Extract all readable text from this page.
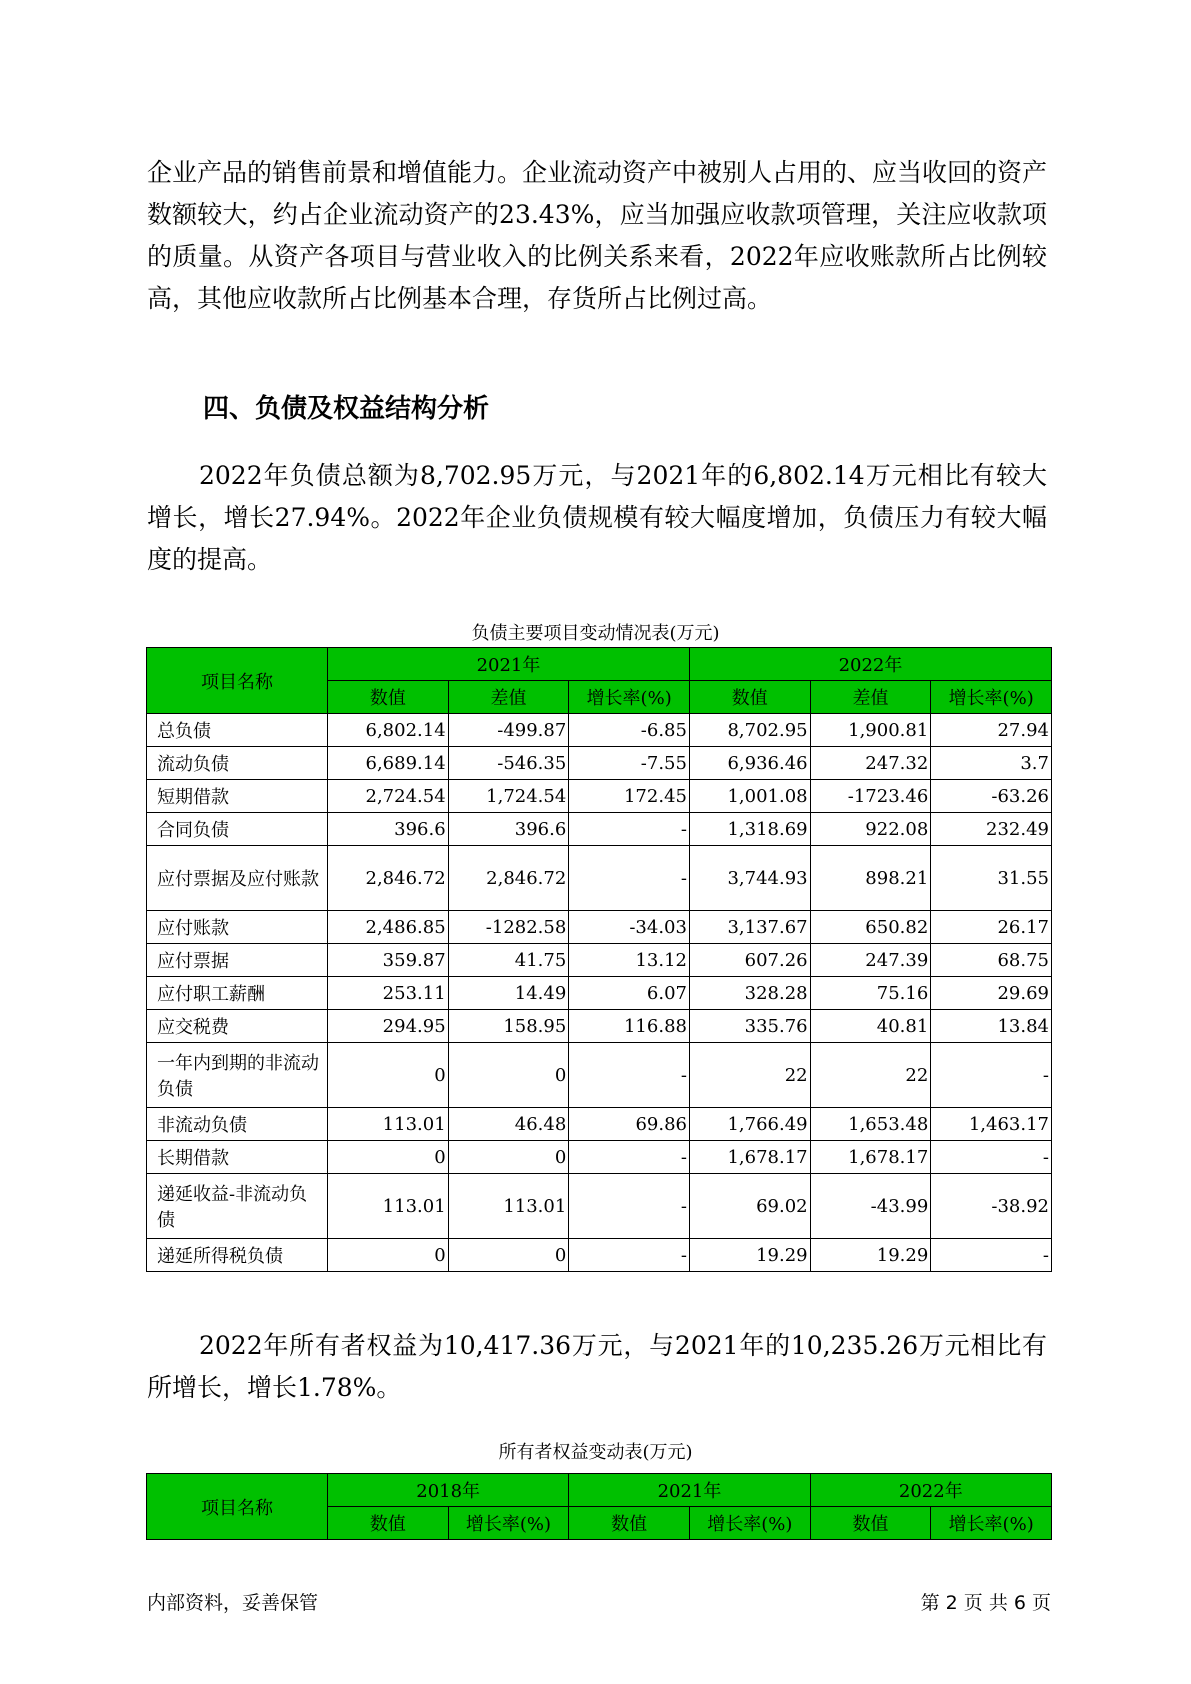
企业产品的销售前景和增值能力。企业流动资产中被别人占用的、应当收回的资产数额较大，约占企业流动资产的23.43%，应当加强应收款项管理，关注应收款项的质量。从资产各项目与营业收入的比例关系来看，2022年应收账款所占比例较高，其他应收款所占比例基本合理，存货所占比例过高。

四、负债及权益结构分析

2022年负债总额为8,702.95万元，与2021年的6,802.14万元相比有较大增长，增长27.94%。2022年企业负债规模有较大幅度增加，负债压力有较大幅度的提高。

负债主要项目变动情况表(万元)

项目名称	2021年			2022年		
	数值	差值	增长率(%)	数值	差值	增长率(%)
总负债	6,802.14	-499.87	-6.85	8,702.95	1,900.81	27.94
流动负债	6,689.14	-546.35	-7.55	6,936.46	247.32	3.7
短期借款	2,724.54	1,724.54	172.45	1,001.08	-1723.46	-63.26
合同负债	396.6	396.6	-	1,318.69	922.08	232.49
应付票据及应付账款	2,846.72	2,846.72	-	3,744.93	898.21	31.55
应付账款	2,486.85	-1282.58	-34.03	3,137.67	650.82	26.17
应付票据	359.87	41.75	13.12	607.26	247.39	68.75
应付职工薪酬	253.11	14.49	6.07	328.28	75.16	29.69
应交税费	294.95	158.95	116.88	335.76	40.81	13.84
一年内到期的非流动负债	0	0	-	22	22	-
非流动负债	113.01	46.48	69.86	1,766.49	1,653.48	1,463.17
长期借款	0	0	-	1,678.17	1,678.17	-
递延收益-非流动负债	113.01	113.01	-	69.02	-43.99	-38.92
递延所得税负债	0	0	-	19.29	19.29	-

2022年所有者权益为10,417.36万元，与2021年的10,235.26万元相比有所增长，增长1.78%。

所有者权益变动表(万元)

项目名称	2018年		2021年		2022年	
	数值	增长率(%)	数值	增长率(%)	数值	增长率(%)

内部资料，妥善保管	第 2 页 共 6 页
